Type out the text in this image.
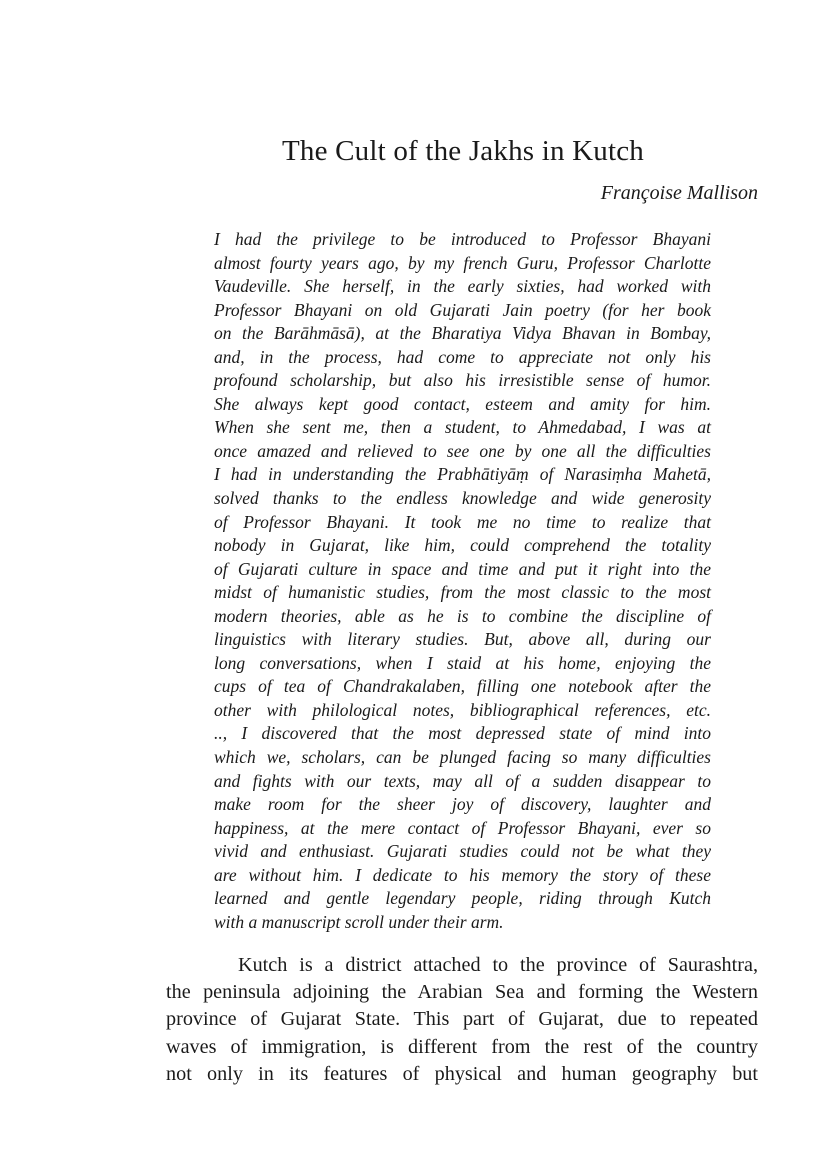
The Cult of the Jakhs in Kutch

Françoise Mallison

I had the privilege to be introduced to Professor Bhayani
almost fourty years ago, by my french Guru, Professor Charlotte
Vaudeville. She herself, in the early sixties, had worked with
Professor Bhayani on old Gujarati Jain poetry (for her book
on the Barāhmāsā), at the Bharatiya Vidya Bhavan in Bombay,
and, in the process, had come to appreciate not only his
profound scholarship, but also his irresistible sense of humor.
She always kept good contact, esteem and amity for him.
When she sent me, then a student, to Ahmedabad, I was at
once amazed and relieved to see one by one all the difficulties
I had in understanding the Prabhātiyāṃ of Narasiṃha Mahetā,
solved thanks to the endless knowledge and wide generosity
of Professor Bhayani. It took me no time to realize that
nobody in Gujarat, like him, could comprehend the totality
of Gujarati culture in space and time and put it right into the
midst of humanistic studies, from the most classic to the most
modern theories, able as he is to combine the discipline of
linguistics with literary studies. But, above all, during our
long conversations, when I staid at his home, enjoying the
cups of tea of Chandrakalaben, filling one notebook after the
other with philological notes, bibliographical references, etc.
.., I discovered that the most depressed state of mind into
which we, scholars, can be plunged facing so many difficulties
and fights with our texts, may all of a sudden disappear to
make room for the sheer joy of discovery, laughter and
happiness, at the mere contact of Professor Bhayani, ever so
vivid and enthusiast. Gujarati studies could not be what they
are without him. I dedicate to his memory the story of these
learned and gentle legendary people, riding through Kutch
with a manuscript scroll under their arm.
Kutch is a district attached to the province of Saurashtra,
the peninsula adjoining the Arabian Sea and forming the Western
province of Gujarat State. This part of Gujarat, due to repeated
waves of immigration, is different from the rest of the country
not only in its features of physical and human geography but
